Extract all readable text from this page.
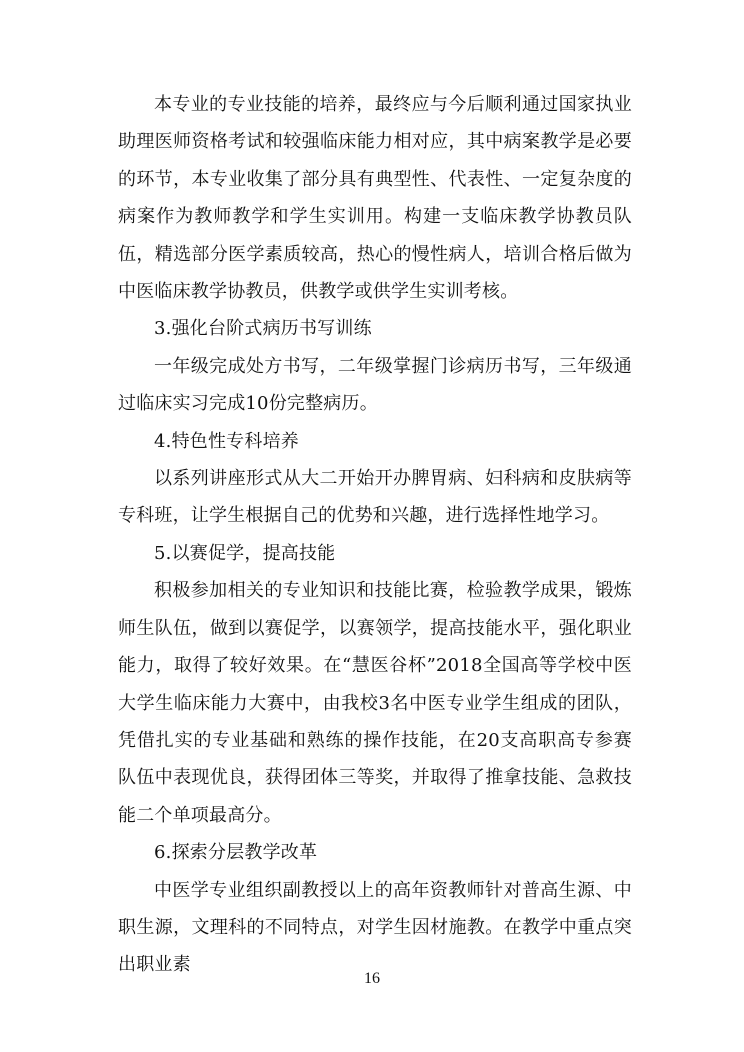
本专业的专业技能的培养，最终应与今后顺利通过国家执业助理医师资格考试和较强临床能力相对应，其中病案教学是必要的环节，本专业收集了部分具有典型性、代表性、一定复杂度的病案作为教师教学和学生实训用。构建一支临床教学协教员队伍，精选部分医学素质较高，热心的慢性病人，培训合格后做为中医临床教学协教员，供教学或供学生实训考核。

3.强化台阶式病历书写训练

一年级完成处方书写，二年级掌握门诊病历书写，三年级通过临床实习完成10份完整病历。

4.特色性专科培养

以系列讲座形式从大二开始开办脾胃病、妇科病和皮肤病等专科班，让学生根据自己的优势和兴趣，进行选择性地学习。

5.以赛促学，提高技能

积极参加相关的专业知识和技能比赛，检验教学成果，锻炼师生队伍，做到以赛促学，以赛领学，提高技能水平，强化职业能力，取得了较好效果。在“慧医谷杯”2018全国高等学校中医大学生临床能力大赛中，由我校3名中医专业学生组成的团队，凭借扎实的专业基础和熟练的操作技能，在20支高职高专参赛队伍中表现优良，获得团体三等奖，并取得了推拿技能、急救技能二个单项最高分。

6.探索分层教学改革

中医学专业组织副教授以上的高年资教师针对普高生源、中职生源，文理科的不同特点，对学生因材施教。在教学中重点突出职业素

16
